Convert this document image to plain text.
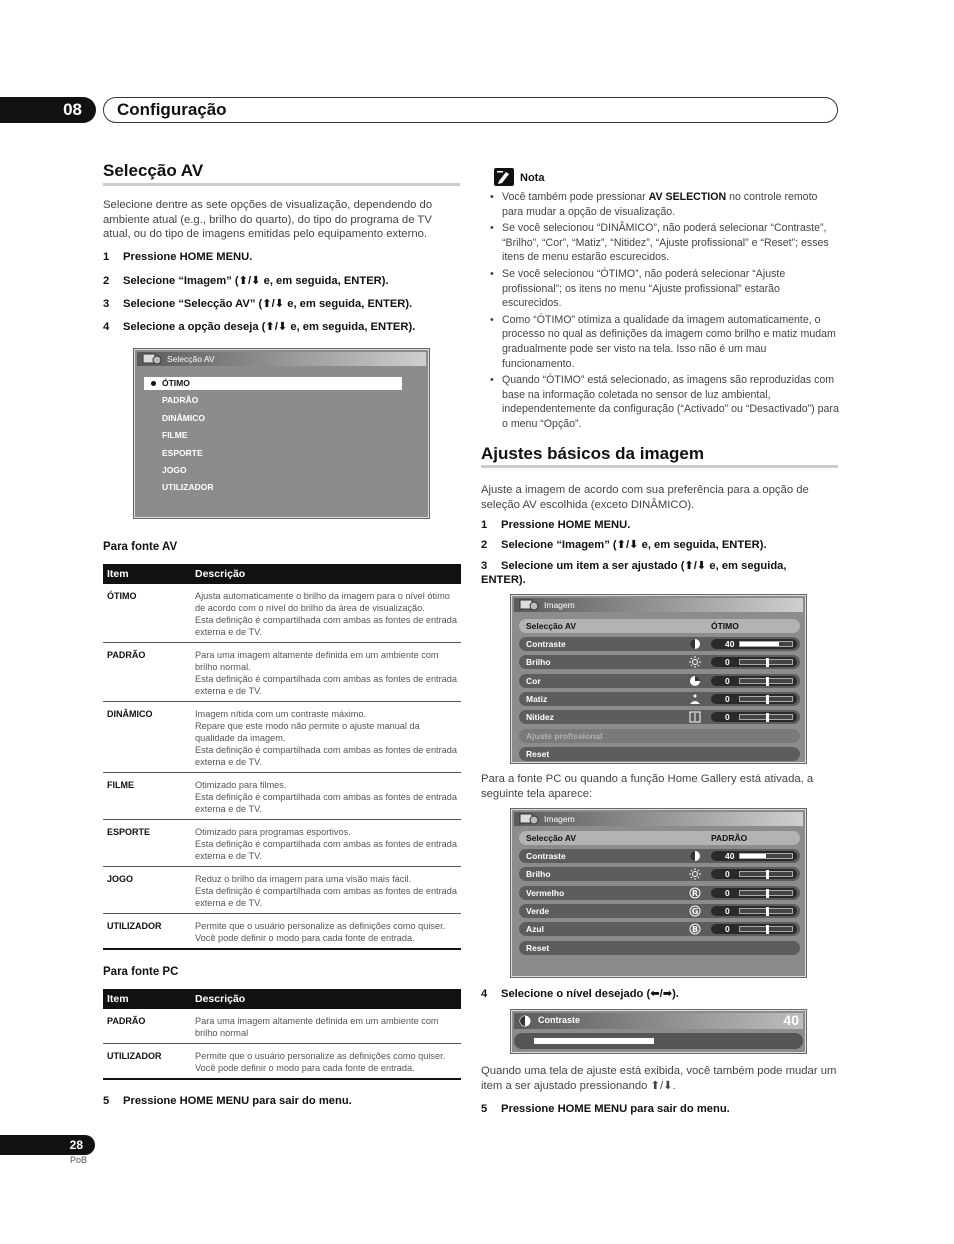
08	Configuração
Selecção AV
Selecione dentre as sete opções de visualização, dependendo do ambiente atual (e.g., brilho do quarto), do tipo do programa de TV atual, ou do tipo de imagens emitidas pelo equipamento externo.
1 Pressione HOME MENU.
2 Selecione “Imagem” (⬆/⬇ e, em seguida, ENTER).
3 Selecione “Selecção AV” (⬆/⬇ e, em seguida, ENTER).
4 Selecione a opção deseja (⬆/⬇ e, em seguida, ENTER).
Selecção AV
ÓTIMO
PADRÃO
DINÂMICO
FILME
ESPORTE
JOGO
UTILIZADOR
Para fonte AV
Item	Descrição
ÓTIMO	Ajusta automaticamente o brilho da imagem para o nível ótimo de acordo com o nível do brilho da área de visualização.
Esta definição é compartilhada com ambas as fontes de entrada externa e de TV.
PADRÃO	Para uma imagem altamente definida em um ambiente com brilho normal.
Esta definição é compartilhada com ambas as fontes de entrada externa e de TV.
DINÂMICO	Imagem nítida com um contraste máximo.
Repare que este modo não permite o ajuste manual da qualidade da imagem.
Esta definição é compartilhada com ambas as fontes de entrada externa e de TV.
FILME	Otimizado para filmes.
Esta definição é compartilhada com ambas as fontes de entrada externa e de TV.
ESPORTE	Otimizado para programas esportivos.
Esta definição é compartilhada com ambas as fontes de entrada externa e de TV.
JOGO	Reduz o brilho da imagem para uma visão mais fácil.
Esta definição é compartilhada com ambas as fontes de entrada externa e de TV.
UTILIZADOR	Permite que o usuário personalize as definições como quiser. Você pode definir o modo para cada fonte de entrada.
Para fonte PC
Item	Descrição
PADRÃO	Para uma imagem altamente definida em um ambiente com brilho normal
UTILIZADOR	Permite que o usuário personalize as definições como quiser. Você pode definir o modo para cada fonte de entrada.
5 Pressione HOME MENU para sair do menu.
Nota
• Você também pode pressionar AV SELECTION no controle remoto para mudar a opção de visualização.
• Se você selecionou “DINÂMICO”, não poderá selecionar “Contraste”, “Brilho”, “Cor”, “Matiz”, “Nitidez”, “Ajuste profissional” e “Reset”; esses itens de menu estarão escurecidos.
• Se você selecionou “ÓTIMO”, não poderá selecionar “Ajuste profissional”; os itens no menu “Ajuste profissional” estarão escurecidos.
• Como “ÓTIMO” otimiza a qualidade da imagem automaticamente, o processo no qual as definições da imagem como brilho e matiz mudam gradualmente pode ser visto na tela. Isso não é um mau funcionamento.
• Quando “ÓTIMO” está selecionado, as imagens são reproduzidas com base na informação coletada no sensor de luz ambiental, independentemente da configuração (“Activado” ou “Desactivado”) para o menu “Opção”.
Ajustes básicos da imagem
Ajuste a imagem de acordo com sua preferência para a opção de seleção AV escolhida (exceto DINÂMICO).
1 Pressione HOME MENU.
2 Selecione “Imagem” (⬆/⬇ e, em seguida, ENTER).
3 Selecione um item a ser ajustado (⬆/⬇ e, em seguida, ENTER).
Imagem
Selecção AV	ÓTIMO
Contraste	40
Brilho	0
Cor	0
Matiz	0
Nitidez	0
Ajuste profissional
Reset
Para a fonte PC ou quando a função Home Gallery está ativada, a seguinte tela aparece:
Imagem
Selecção AV	PADRÃO
Contraste	40
Brilho	0
Vermelho	R	0
Verde	G	0
Azul	B	0
Reset
4 Selecione o nível desejado (⬅/➡).
Contraste	40
Quando uma tela de ajuste está exibida, você também pode mudar um item a ser ajustado pressionando ⬆/⬇.
5 Pressione HOME MENU para sair do menu.
28
PoB
